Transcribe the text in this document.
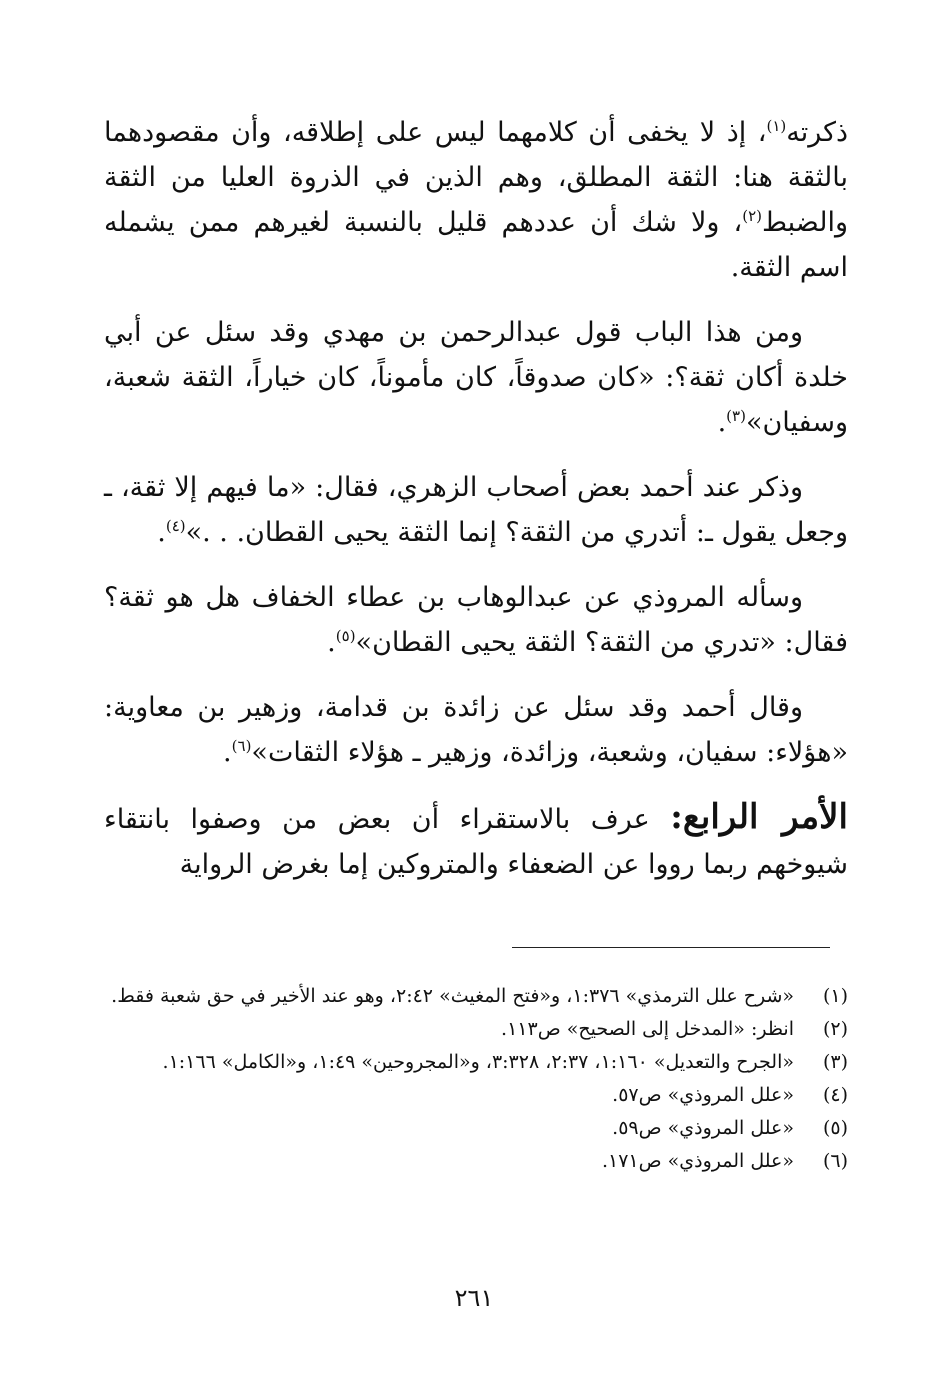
ذكرته$^{(١)}$، إذ لا يخفى أن كلامهما ليس على إطلاقه، وأن مقصودهما بالثقة هنا: الثقة المطلق، وهم الذين في الذروة العليا من الثقة والضبط$^{(٢)}$، ولا شك أن عددهم قليل بالنسبة لغيرهم ممن يشمله اسم الثقة.

ومن هذا الباب قول عبدالرحمن بن مهدي وقد سئل عن أبي خلدة أكان ثقة؟: «كان صدوقاً، كان مأموناً، كان خياراً، الثقة شعبة، وسفيان»$^{(٣)}$.

وذكر عند أحمد بعض أصحاب الزهري، فقال: «ما فيهم إلا ثقة، ـ وجعل يقول ـ: أتدري من الثقة؟ إنما الثقة يحيى القطان. . .»$^{(٤)}$.

وسأله المروذي عن عبدالوهاب بن عطاء الخفاف هل هو ثقة؟ فقال: «تدري من الثقة؟ الثقة يحيى القطان»$^{(٥)}$.

وقال أحمد وقد سئل عن زائدة بن قدامة، وزهير بن معاوية: «هؤلاء: سفيان، وشعبة، وزائدة، وزهير ـ هؤلاء الثقات»$^{(٦)}$.

الأمر الرابع: عرف بالاستقراء أن بعض من وصفوا بانتقاء شيوخهم ربما رووا عن الضعفاء والمتروكين إما بغرض الرواية

(١)
«شرح علل الترمذي» ١:٣٧٦، و«فتح المغيث» ٢:٤٢، وهو عند الأخير في حق شعبة فقط.
(٢)
انظر: «المدخل إلى الصحيح» ص١١٣.
(٣)
«الجرح والتعديل» ١:١٦٠، ٢:٣٧، ٣:٣٢٨، و«المجروحين» ١:٤٩، و«الكامل» ١:١٦٦.
(٤)
«علل المروذي» ص٥٧.
(٥)
«علل المروذي» ص٥٩.
(٦)
«علل المروذي» ص١٧١.
٢٦١
